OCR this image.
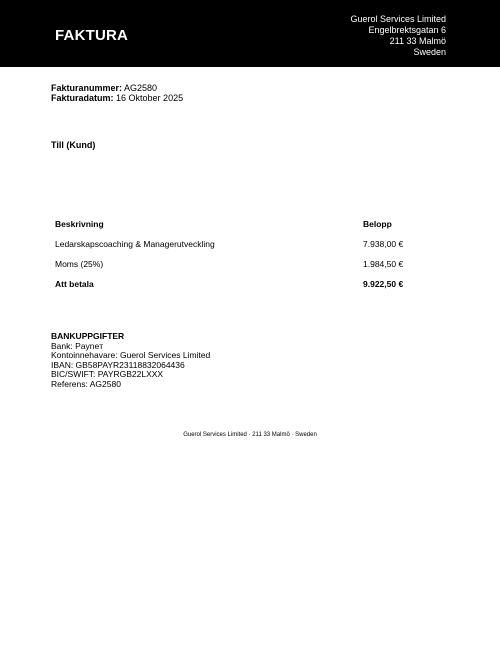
FAKTURA
Guerol Services Limited
Engelbrektsgatan 6
211 33 Malmö
Sweden
Fakturanummer: AG2580
Fakturadatum: 16 Oktober 2025
Till (Kund)
Beskrivning	Belopp
Ledarskapscoaching & Managerutveckling	7.938,00 €
Moms (25%)	1.984,50 €
Att betala	9.922,50 €
BANKUPPGIFTER
Bank: Payneт
Kontoinnehavare: Guerol Services Limited
IBAN: GB58PAYR23118832064436
BIC/SWIFT: PAYRGB22LXXX
Referens: AG2580
Guerol Services Limited · 211 33 Malmö · Sweden
